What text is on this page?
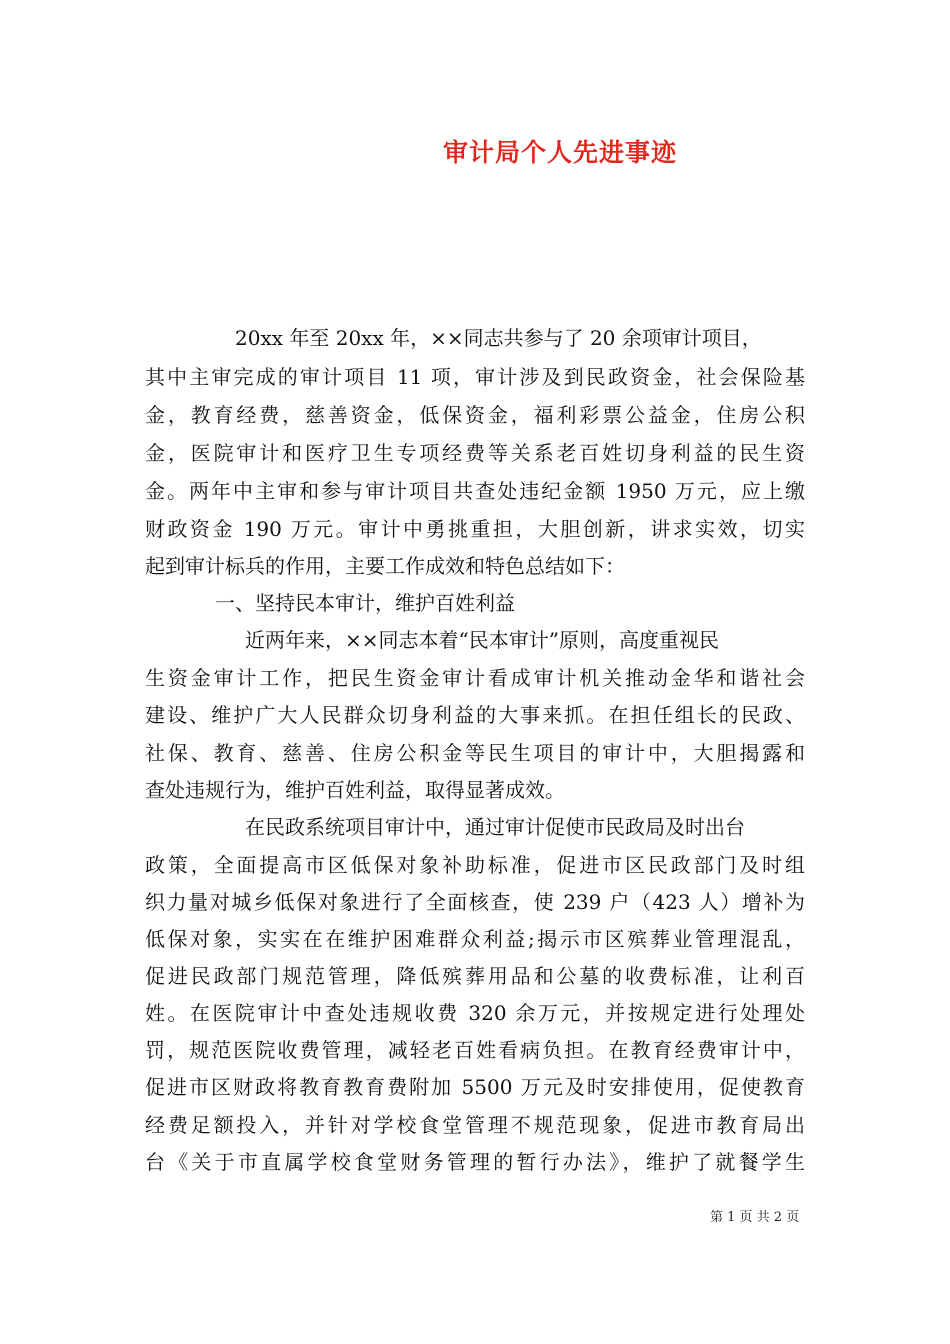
审计局个人先进事迹
20xx 年至 20xx 年，××同志共参与了 20 余项审计项目，
其中主审完成的审计项目 11 项，审计涉及到民政资金，社会保险基
金，教育经费，慈善资金，低保资金，福利彩票公益金，住房公积
金，医院审计和医疗卫生专项经费等关系老百姓切身利益的民生资
金。两年中主审和参与审计项目共查处违纪金额 1950 万元，应上缴
财政资金 190 万元。审计中勇挑重担，大胆创新，讲求实效，切实
起到审计标兵的作用，主要工作成效和特色总结如下：
一、坚持民本审计，维护百姓利益
近两年来，××同志本着“民本审计”原则，高度重视民
生资金审计工作，把民生资金审计看成审计机关推动金华和谐社会
建设、维护广大人民群众切身利益的大事来抓。在担任组长的民政、
社保、教育、慈善、住房公积金等民生项目的审计中，大胆揭露和
查处违规行为，维护百姓利益，取得显著成效。
在民政系统项目审计中，通过审计促使市民政局及时出台
政策，全面提高市区低保对象补助标准，促进市区民政部门及时组
织力量对城乡低保对象进行了全面核查，使 239 户（423 人）增补为
低保对象，实实在在维护困难群众利益;揭示市区殡葬业管理混乱，
促进民政部门规范管理，降低殡葬用品和公墓的收费标准，让利百
姓。在医院审计中查处违规收费 320 余万元，并按规定进行处理处
罚，规范医院收费管理，减轻老百姓看病负担。在教育经费审计中，
促进市区财政将教育教育费附加 5500 万元及时安排使用，促使教育
经费足额投入，并针对学校食堂管理不规范现象，促进市教育局出
台《关于市直属学校食堂财务管理的暂行办法》，维护了就餐学生
第 1 页 共 2 页
